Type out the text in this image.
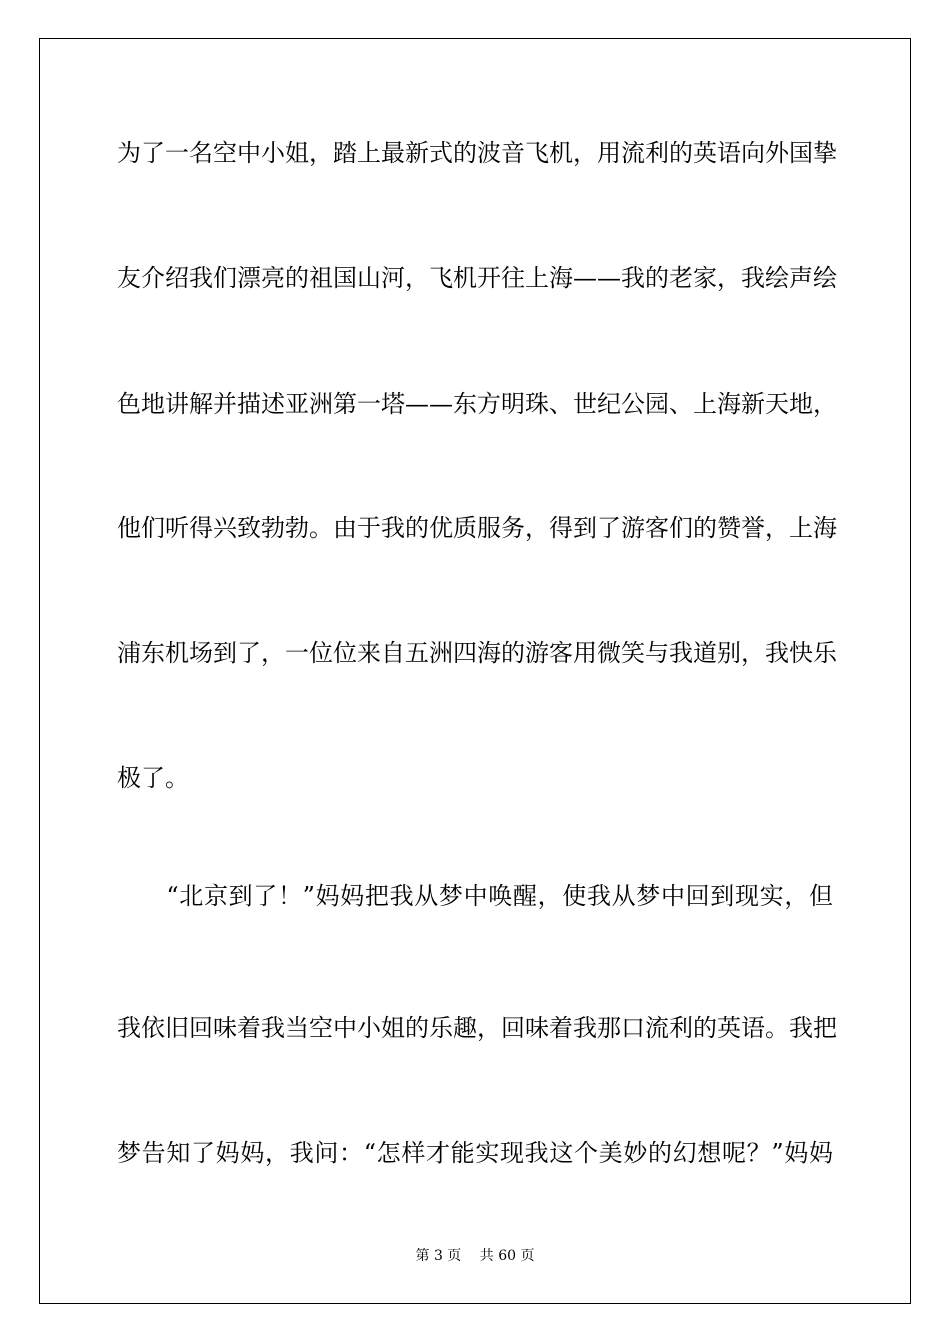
为了一名空中小姐，踏上最新式的波音飞机，用流利的英语向外国挚
友介绍我们漂亮的祖国山河，飞机开往上海——我的老家，我绘声绘
色地讲解并描述亚洲第一塔——东方明珠、世纪公园、上海新天地，
他们听得兴致勃勃。由于我的优质服务，得到了游客们的赞誉，上海
浦东机场到了，一位位来自五洲四海的游客用微笑与我道别，我快乐
极了。
　　“北京到了！”妈妈把我从梦中唤醒，使我从梦中回到现实，但
我依旧回味着我当空中小姐的乐趣，回味着我那口流利的英语。我把
梦告知了妈妈，我问：“怎样才能实现我这个美妙的幻想呢？”妈妈
第 3 页　 共 60 页
